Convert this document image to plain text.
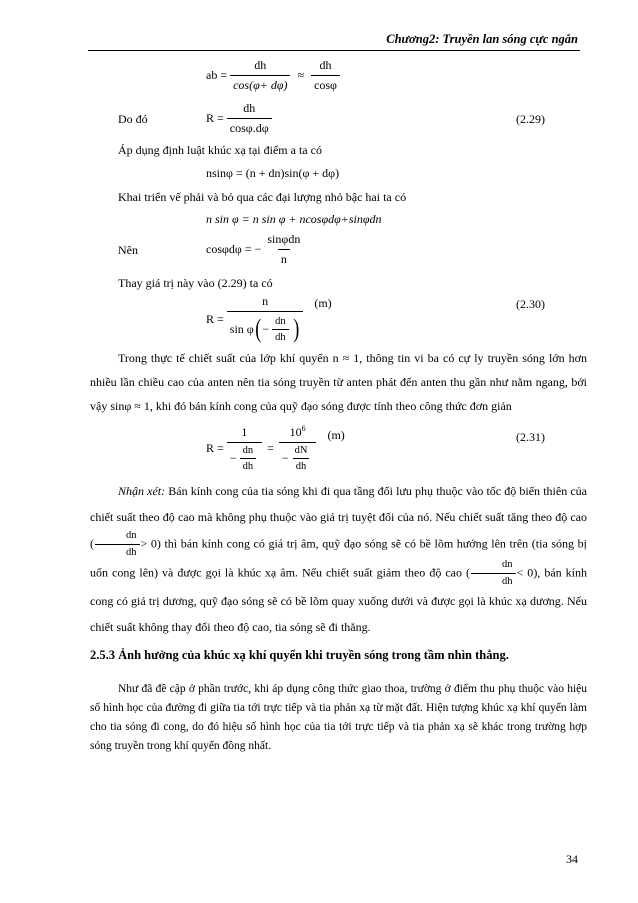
Chương2: Truyền lan sóng cực ngắn
ab = $\frac{dh}{\cos(\varphi+ d\varphi)} \approx \frac{dh}{\cos\varphi}$
Do đó	$R = \frac{dh}{\cos\varphi.d\varphi}$	(2.29)
Áp dụng định luật khúc xạ tại điểm a ta có
nsinφ = (n + dn)sin(φ + dφ)
Khai triển vế phải và bỏ qua các đại lượng nhỏ bậc hai ta có
n sin φ = n sin φ + ncosφdφ+sinφdn
Nên	cosφdφ = − $\frac{\text{sinφdn}}{n}$
Thay giá trị này vào (2.29) ta có
R =
n
sin φ ( − $\frac{dn}{dh}$ )
(m)	(2.30)
Trong thực tế chiết suất của lớp khí quyển n ≈ 1, thông tin vi ba có cự ly truyền sóng lớn hơn nhiều lần chiều cao của anten nên tia sóng truyền từ anten phát đến anten thu gần như nằm ngang, bởi vậy sinφ ≈ 1, khi đó bán kính cong của quỹ đạo sóng được tính theo công thức đơn giản
$R = \frac{1}{- \frac{dn}{dh}} = \frac{10^6}{- \frac{dN}{dh}} (m)$	(2.31)
Nhận xét: Bán kính cong của tia sóng khi đi qua tầng đối lưu phụ thuộc vào tốc độ biến thiên của chiết suất theo độ cao mà không phụ thuộc vào giá trị tuyệt đối của nó. Nếu chiết suất tăng theo độ cao ( $\frac{dn}{dh} > 0$) thì bán kính cong có giá trị âm, quỹ đạo sóng sẽ có bề lõm hướng lên trên (tia sóng bị uốn cong lên) và được gọi là khúc xạ âm. Nếu chiết suất giảm theo độ cao ( $\frac{dn}{dh} < 0$), bán kính cong có giá trị dương, quỹ đạo sóng sẽ có bề lõm quay xuống dưới và được gọi là khúc xạ dương. Nếu chiết suất không thay đổi theo độ cao, tia sóng sẽ đi thẳng.
2.5.3 Ảnh hưởng của khúc xạ khí quyển khi truyền sóng trong tầm nhìn thẳng.
Như đã đề cập ở phần trước, khi áp dụng công thức giao thoa, trường ở điểm thu phụ thuộc vào hiệu số hình học của đường đi giữa tia tới trực tiếp và tia phản xạ từ mặt đất. Hiện tượng khúc xạ khí quyển làm cho tia sóng đi cong, do đó hiệu số hình học của tia tới trực tiếp và tia phản xạ sẽ khác trong trường hợp sóng truyền trong khí quyển đồng nhất.
34
